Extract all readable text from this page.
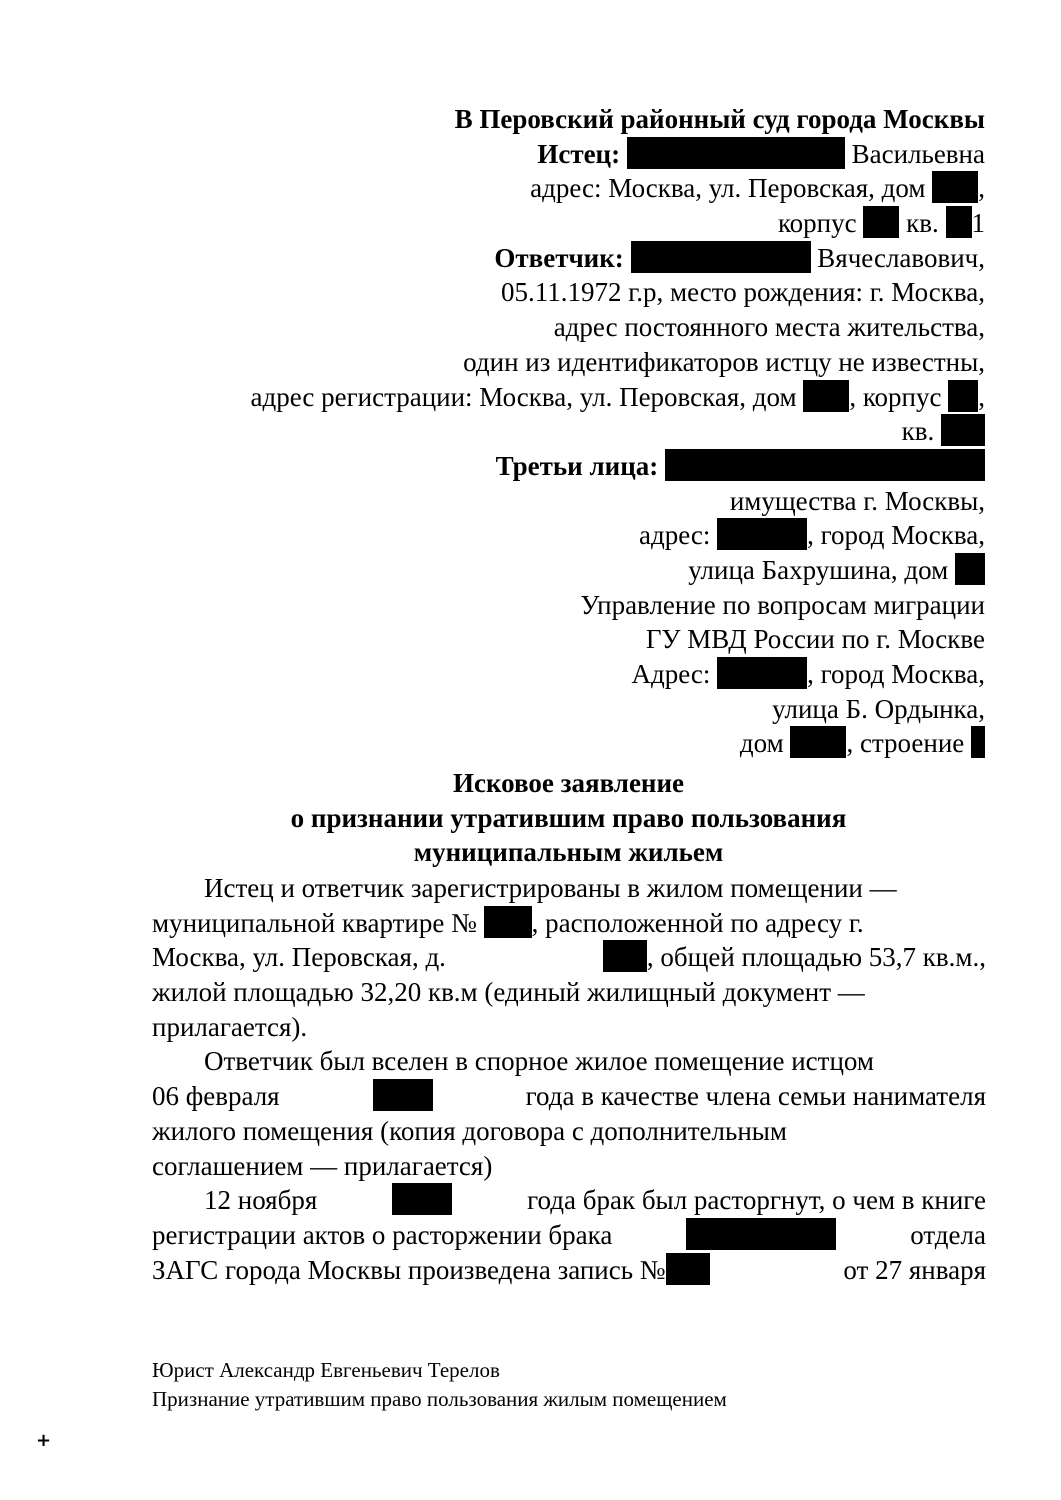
В Перовский районный суд города Москвы
Истец:	Васильевна
адрес: Москва, ул. Перовская, дом ,
корпус кв. 1
Ответчик:	Вячеславович,
05.11.1972 г.р, место рождения: г. Москва,
адрес постоянного места жительства,
один из идентификаторов истцу не известны,
адрес регистрации: Москва, ул. Перовская, дом , корпус ,
кв.
Третьи лица:
имущества г. Москвы,
адрес:	, город Москва,
улица Бахрушина, дом
Управление по вопросам миграции
ГУ МВД России по г. Москве
Адрес:	, город Москва,
улица Б. Ордынка,
дом , строение
Исковое заявление
о признании утратившим право пользования
муниципальным жильем
Истец и ответчик зарегистрированы в жилом помещении —
муниципальной квартире № , расположенной по адресу г.
Москва, ул. Перовская, д.	, общей площадью 53,7 кв.м.,
жилой площадью 32,20 кв.м (единый жилищный документ —
прилагается).
Ответчик был вселен в спорное жилое помещение истцом
06 февраля	года в качестве члена семьи нанимателя
жилого помещения (копия договора с дополнительным
соглашением — прилагается)
12 ноября	года брак был расторгнут, о чем в книге
регистрации актов о расторжении брака	отдела
ЗАГС города Москвы произведена запись №	от 27 января
Юрист Александр Евгеньевич Терелов
Признание утратившим право пользования жилым помещением
+
